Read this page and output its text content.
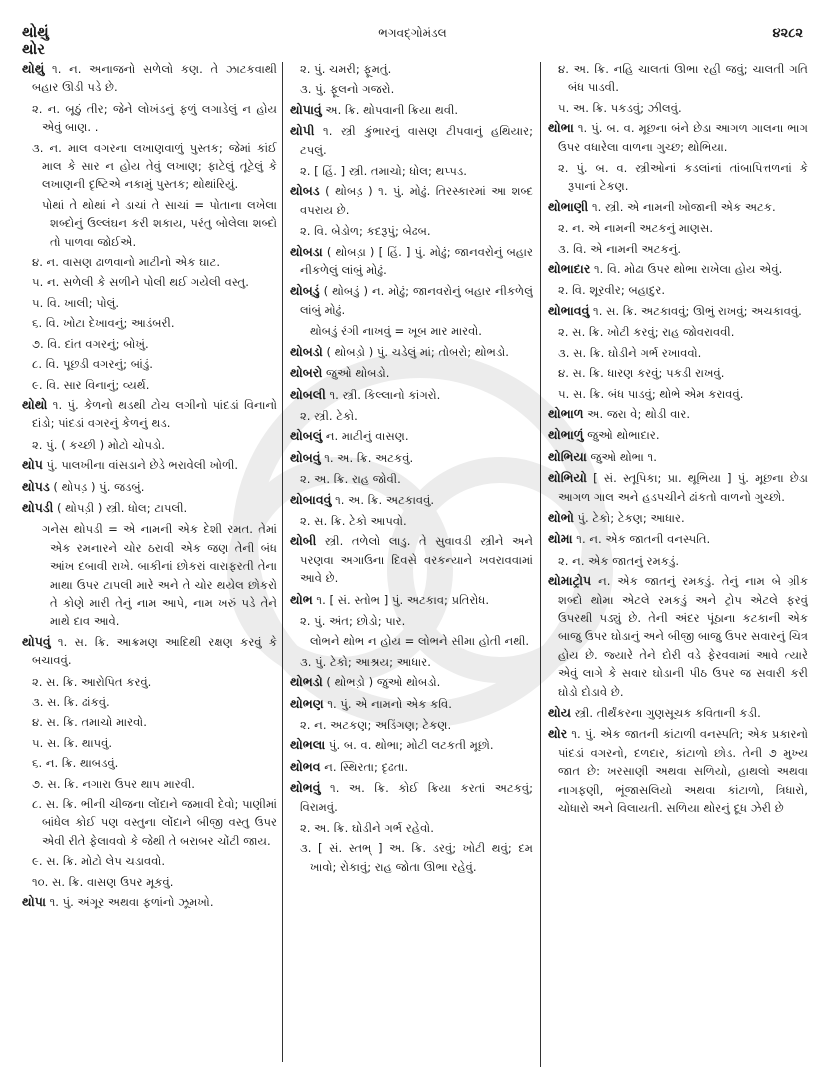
થોથું
થોર
ભગવદ્ગોમંડલ	૪૨૮૨
થોથું ૧. ન. અનાજનો સળેલો કણ. તે ઝાટકવાથી બહાર ઊડી પડે છે.
૨. ન. બૂઠું તીર; જેને લોખંડનું ફળું લગાડેલું ન હોય એવું બાણ. .
૩. ન. માલ વગરના લખાણવાળું પુસ્તક; જેમાં કાંઈ માલ કે સાર ન હોય તેવું લખાણ; ફાટેલું તૂટેલું કે લખાણની દૃષ્ટિએ નકામું પુસ્તક; થોથાંરિયું.
પોથાં તે થોથાં ને ડાચાં તે સાચાં = પોતાના લખેલા શબ્દોનું ઉલ્લંઘન કરી શકાય, પરંતુ બોલેલા શબ્દો તો પાળવા જોઈએ.
૪. ન. વાસણ ઢાળવાનો માટીનો એક ઘાટ.
૫. ન. સળેલી કે સળીને પોલી થઈ ગયેલી વસ્તુ.
૫. વિ. ખાલી; પોલું.
૬. વિ. ખોટા દેખાવનું; આડંબરી.
૭. વિ. દાંત વગરનું; બોખું.
૮. વિ. પૂછડી વગરનું; બાંડું.
૯. વિ. સાર વિનાનું; વ્યર્થ.
થોથો ૧. પું. કેળનો થડથી ટોચ લગીનો પાંદડાં વિનાનો દાંડો; પાંદડાં વગરનું કેળનું થડ.
૨. પું. ( કચ્છી ) મોટો ચોપડો.
થોપ પું. પાલખીના વાંસડાને છેડે ભરાવેલી ખોળી.
થોપડ ( થોપડ઼ ) પું. જડબું.
થોપડી ( થોપડ઼ી ) સ્ત્રી. ધોલ; ટાપલી.
ગનેસ થોપડી = એ નામની એક દેશી રમત. તેમાં એક રમનારને ચોર ઠરાવી એક જણ તેની બંધ આંખ દબાવી રાખે. બાકીનાં છોકરાં વારાફરતી તેના માથા ઉપર ટાપલી મારે અને તે ચોર થયેલ છોકરો તે કોણે મારી તેનું નામ આપે, નામ ખરું પડે તેને માથે દાવ આવે.
થોપવું ૧. સ. ક્રિ. આક્રમણ આદિથી રક્ષણ કરવું કે બચાવવું.
૨. સ. ક્રિ. આરોપિત કરવું.
૩. સ. ક્રિ. ઢાંકવું.
૪. સ. ક્રિ. તમાચો મારવો.
૫. સ. ક્રિ. થાપવું.
૬. ન. ક્રિ. થાબડવું.
૭. સ. ક્રિ. નગારા ઉપર થાપ મારવી.
૮. સ. ક્રિ. ભીની ચીજના લોંદાને જમાવી દેવો; પાણીમાં બાંધેલ કોઈ પણ વસ્તુના લોંદાને બીજી વસ્તુ ઉપર એવી રીતે ફેલાવવો કે જેથી તે બરાબર ચોંટી જાય.
૯. સ. ક્રિ. મોટો લેપ ચડાવવો.
૧૦. સ. ક્રિ. વાસણ ઉપર મૂકવું.
થોપા ૧. પું. અંગૂર અથવા ફળાંનો ઝૂમખો.
૨. પું. ચમરી; ફૂમતું.
૩. પું. ફૂલનો ગજરો.
થોપાવું અ. ક્રિ. થોપવાની ક્રિયા થવી.
થોપી ૧. સ્ત્રી કુંભારનું વાસણ ટીપવાનું હથિયાર; ટપલું.
૨. [ હિં. ] સ્ત્રી. તમાચો; ધોલ; થપ્પડ.
થોબડ ( થોબડ઼ ) ૧. પું. મોઢું. તિરસ્કારમાં આ શબ્દ વપરાય છે.
૨. વિ. બેડોળ; કદરૂપું; બેઢબ.
થોબડા ( થોબડ઼ા ) [ હિં. ] પું. મોઢું; જાનવરોનું બહાર નીકળેલું લાંબું મોઢું.
થોબડું ( થોબડ઼ું ) ન. મોઢું; જાનવરોનું બહાર નીકળેલું લાંબું મોઢું.
થોબડું રંગી નાખવું = ખૂબ માર મારવો.
થોબડો ( થોબડ઼ો ) પું. ચડેલું માં; તોબરો; થોભડો.
થોબરો જુઓ થોબડો.
થોબલી ૧. સ્ત્રી. કિલ્લાનો કાંગરો.
૨. સ્ત્રી. ટેકો.
થોબલું ન. માટીનું વાસણ.
થોબવું ૧. અ. ક્રિ. અટકવું.
૨. અ. ક્રિ. રાહ જોવી.
થોબાવવું ૧. અ. ક્રિ. અટકાવવું.
૨. સ. ક્રિ. ટેકો આપવો.
થોબી સ્ત્રી. તળેલો લાડુ. તે સુવાવડી સ્ત્રીને અને પરણવા અગાઉના દિવસે વરકન્યાને ખવરાવવામાં આવે છે.
થોભ ૧. [ સં. સ્તોભ ] પું. અટકાવ; પ્રતિરોધ.
૨. પું. અંત; છોડો; પાર.
લોભને થોભ ન હોય = લોભને સીમા હોતી નથી.
૩. પું. ટેકો; આશ્રય; આધાર.
થોભડો ( થોભડ઼ો ) જુઓ થોબડો.
થોભણ ૧. પું. એ નામનો એક કવિ.
૨. ન. અટકણ; અડિંગણ; ટેકણ.
થોભલા પું. બ. વ. થોભા; મોટી લટકતી મૂછો.
થોભવ ન. સ્થિરતા; દૃઢતા.
થોભવું ૧. અ. ક્રિ. કોઈ ક્રિયા કરતાં અટકવું; વિરામવું.
૨. અ. ક્રિ. ઘોડીને ગર્ભ રહેવો.
૩. [ સં. સ્તભ્ ] અ. ક્રિ. ડરવું; ખોટી થવું; દમ ખાવો; રોકાવું; રાહ જોતા ઊભા રહેવું.
૪. અ. ક્રિ. નહિ ચાલતાં ઊભા રહી જવું; ચાલતી ગતિ બંધ પાડવી.
૫. અ. ક્રિ. પકડવું; ઝીલવું.
થોભા ૧. પું. બ. વ. મૂછના બંને છેડા આગળ ગાલના ભાગ ઉપર વધારેલા વાળના ગુચ્છ; થોભિયા.
૨. પું. બ. વ. સ્ત્રીઓનાં કડલાંનાં તાંબાપિત્તળનાં કે રૂપાનાં ટેકણ.
થોભાણી ૧. સ્ત્રી. એ નામની ખોજાની એક અટક.
૨. ન. એ નામની અટકનું માણસ.
૩. વિ. એ નામની અટકનું.
થોભાદાર ૧. વિ. મોઢા ઉપર થોભા રાખેલા હોય એવું.
૨. વિ. શૂરવીર; બહાદુર.
થોભાવવું ૧. સ. ક્રિ. અટકાવવું; ઊભું રાખવું; અચકાવવું.
૨. સ. ક્રિ. ખોટી કરવું; રાહ જોવરાવવી.
૩. સ. ક્રિ. ઘોડીને ગર્ભ રખાવવો.
૪. સ. ક્રિ. ધારણ કરવું; પકડી રાખવું.
૫. સ. ક્રિ. બંધ પાડવું; થોભે એમ કરાવવું.
થોભાળ અ. જરા વે; થોડી વાર.
થોભાળું જુઓ થોભાદાર.
થોભિયા જુઓ થોભા ૧.
થોભિયો [ સં. સ્તૂપિકા; પ્રા. થૂભિયા ] પું. મૂછના છેડા આગળ ગાલ અને હડપચીને ઢાંકતો વાળનો ગુચ્છો.
થોભો પું. ટેકો; ટેકણ; આધાર.
થોમા ૧. ન. એક જાતની વનસ્પતિ.
૨. ન. એક જાતનું રમકડું.
થોમાટ્રોપ ન. એક જાતનું રમકડું. તેનું નામ બે ગ્રીક શબ્દો થોમા એટલે રમકડું અને ટ્રોપ એટલે ફરવું ઉપરથી પડ્યું છે. તેની અંદર પૂંઠાના કટકાની એક બાજુ ઉપર ઘોડાનું અને બીજી બાજુ ઉપર સવારનું ચિત્ર હોય છે. જ્યારે તેને દોરી વડે ફેરવવામાં આવે ત્યારે એવું લાગે કે સવાર ઘોડાની પીઠ ઉપર જ સવારી કરી ઘોડો દોડાવે છે.
થોય સ્ત્રી. તીર્થંકરના ગુણસૂચક કવિતાની કડી.
થોર ૧. પું. એક જાતની કાંટાળી વનસ્પતિ; એક પ્રકારનો પાંદડાં વગરનો, દળદાર, કાંટાળો છોડ. તેની ૭ મુખ્ય જાત છે: ખરસાણી અથવા સળિયો, હાથલો અથવા નાગફણી, ભૂંજાસલિયો અથવા કાંટાળો, ત્રિધારો, ચોધારો અને વિલાયતી. સળિયા થોરનું દૂધ ઝેરી છે
